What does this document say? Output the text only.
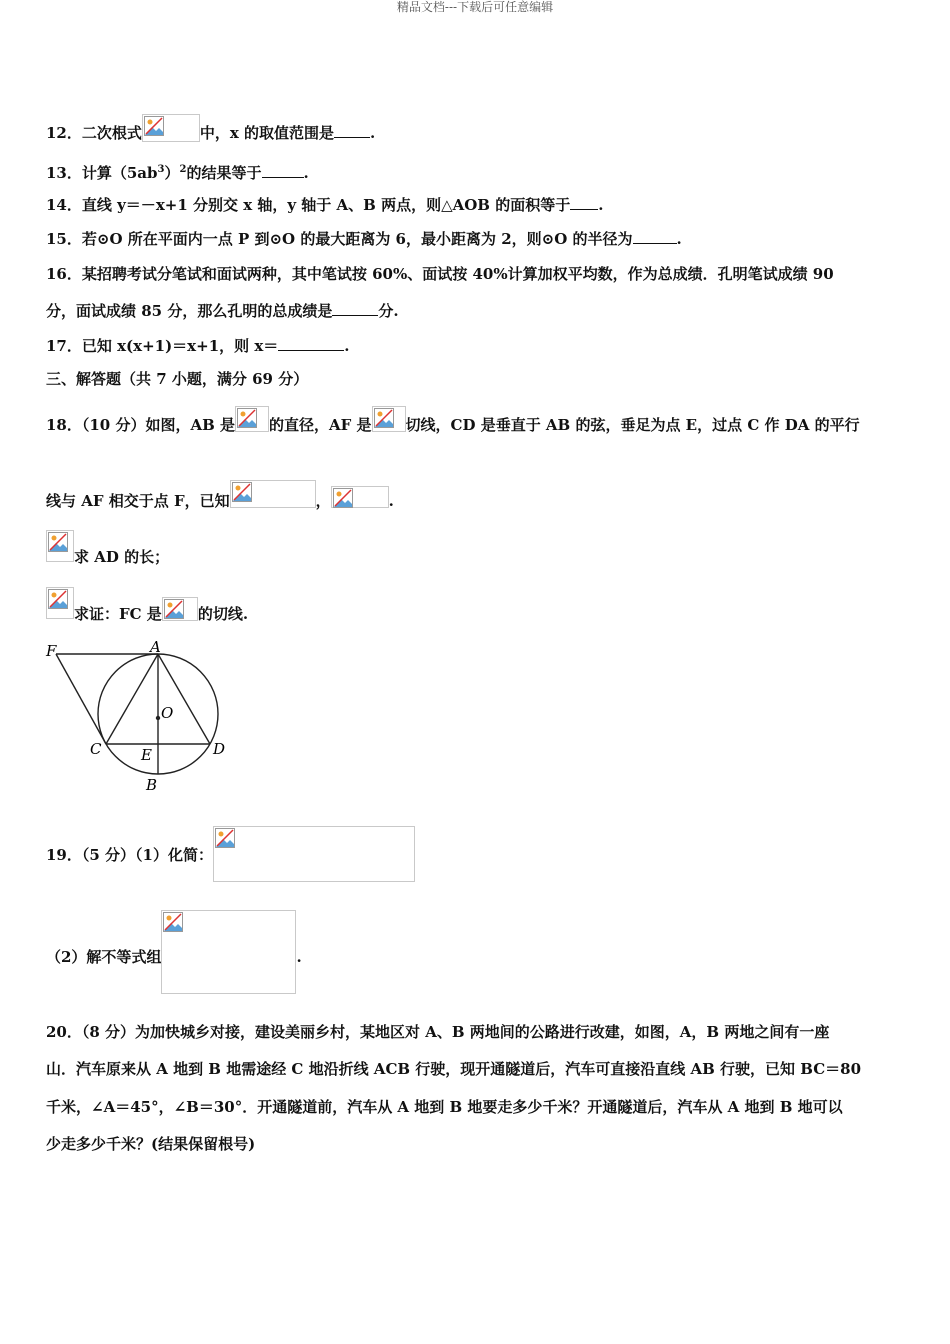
精品文档---下载后可任意编辑
12．二次根式	中，x 的取值范围是 .
13．计算$(5ab^3)^2$的结果等于	.
14．直线 y＝－x+1 分别交 x 轴，y 轴于 A、B 两点，则△AOB 的面积等于 .
15．若⊙O 所在平面内一点 P 到⊙O 的最大距离为 6，最小距离为 2，则⊙O 的半径为	.
16．某招聘考试分笔试和面试两种，其中笔试按 60%、面试按 40%计算加权平均数，作为总成绩．孔明笔试成绩 90
分，面试成绩 85 分，那么孔明的总成绩是	分.
17．已知 x(x+1)＝x+1，则 x＝	.
三、解答题（共 7 小题，满分 69 分）
18．（10 分）如图，AB 是 的直径，AF 是 切线，CD 是垂直于 AB 的弦，垂足为点 E，过点 C 作 DA 的平行
线与 AF 相交于点 F，已知	，	.
求 AD 的长；
求证：FC 是 的切线.
F	A
O
C	E	D
B
19．（5 分）（1）化简：
（2）解不等式组	.
20．（8 分）为加快城乡对接，建设美丽乡村，某地区对 A、B 两地间的公路进行改建，如图，A，B 两地之间有一座
山．汽车原来从 A 地到 B 地需途经 C 地沿折线 ACB 行驶，现开通隧道后，汽车可直接沿直线 AB 行驶，已知 BC＝80
千米，∠A＝45°，∠B＝30°．开通隧道前，汽车从 A 地到 B 地要走多少千米？开通隧道后，汽车从 A 地到 B 地可以
少走多少千米？(结果保留根号)
